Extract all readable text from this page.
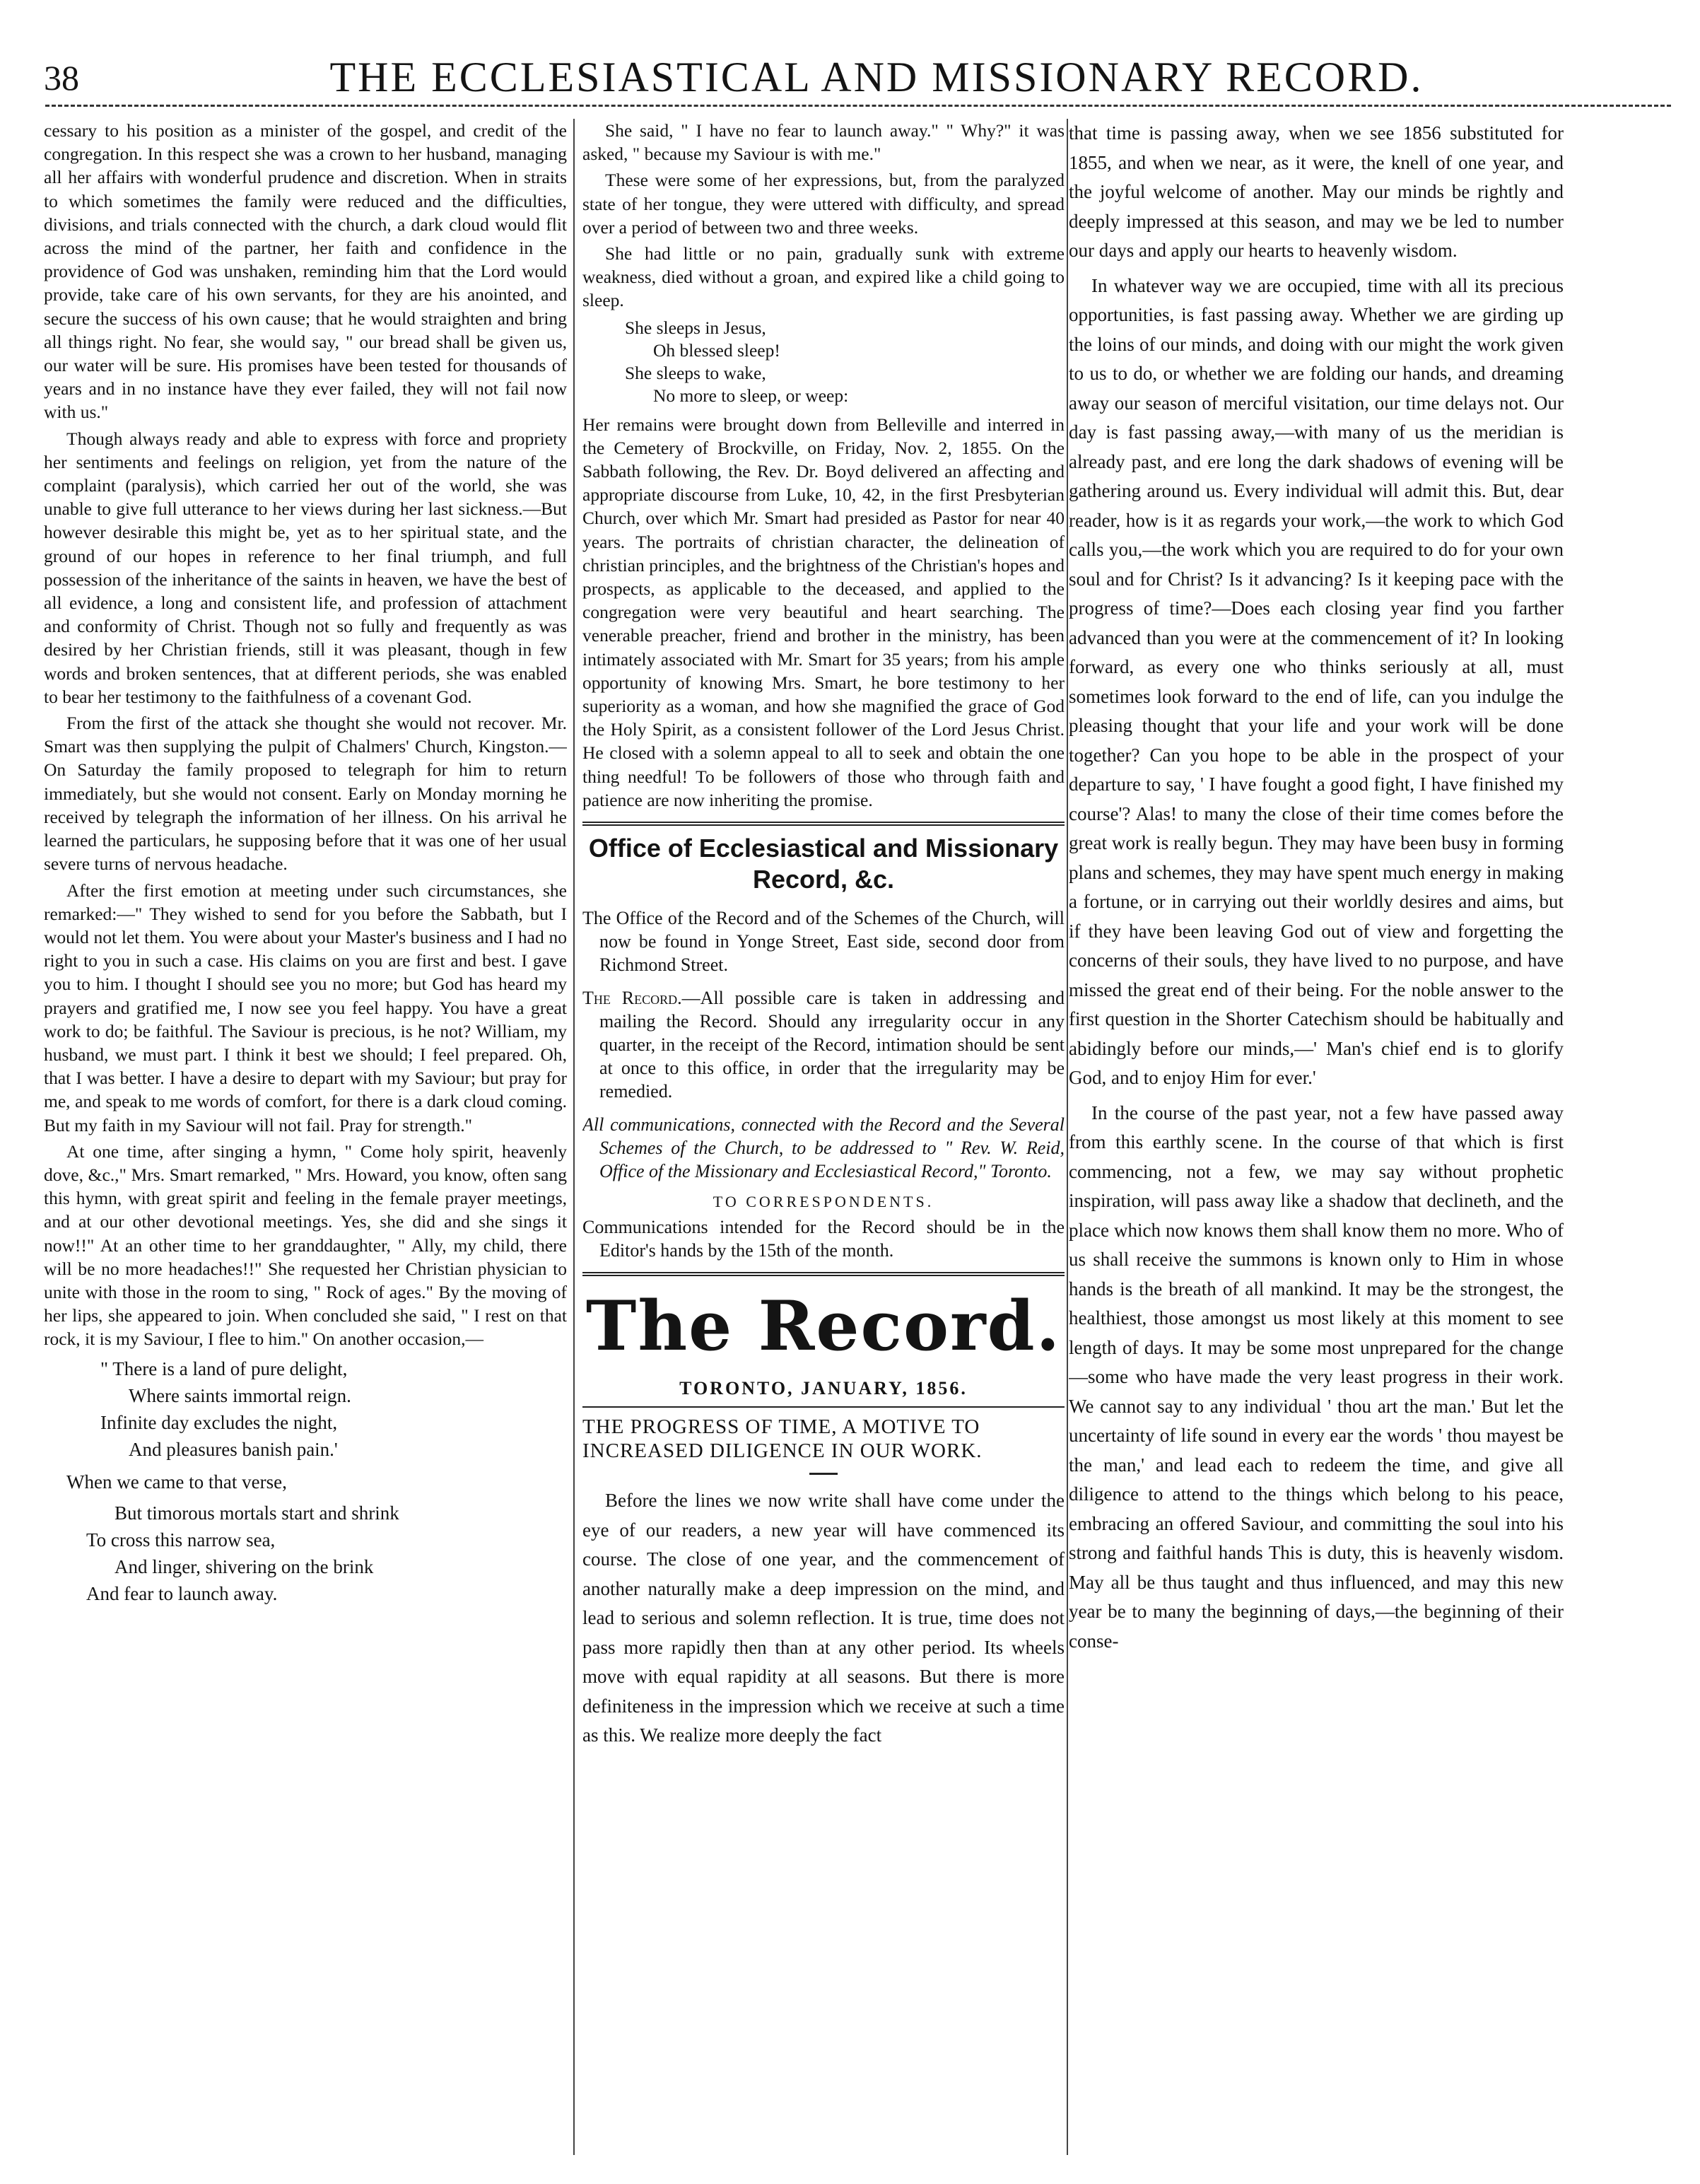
38	THE ECCLESIASTICAL AND MISSIONARY RECORD.

cessary to his position as a minister of the gospel, and credit of the congregation. In this respect she was a crown to her husband, managing all her affairs with wonderful prudence and discretion. When in straits to which sometimes the family were reduced and the difficulties, divisions, and trials connected with the church, a dark cloud would flit across the mind of the partner, her faith and confidence in the providence of God was unshaken, reminding him that the Lord would provide, take care of his own servants, for they are his anointed, and secure the success of his own cause; that he would straighten and bring all things right. No fear, she would say, " our bread shall be given us, our water will be sure. His promises have been tested for thousands of years and in no instance have they ever failed, they will not fail now with us."

Though always ready and able to express with force and propriety her sentiments and feelings on religion, yet from the nature of the complaint (paralysis), which carried her out of the world, she was unable to give full utterance to her views during her last sickness.—But however desirable this might be, yet as to her spiritual state, and the ground of our hopes in reference to her final triumph, and full possession of the inheritance of the saints in heaven, we have the best of all evidence, a long and consistent life, and profession of attachment and conformity of Christ. Though not so fully and frequently as was desired by her Christian friends, still it was pleasant, though in few words and broken sentences, that at different periods, she was enabled to bear her testimony to the faithfulness of a covenant God.

From the first of the attack she thought she would not recover. Mr. Smart was then supplying the pulpit of Chalmers' Church, Kingston.—On Saturday the family proposed to telegraph for him to return immediately, but she would not consent. Early on Monday morning he received by telegraph the information of her illness. On his arrival he learned the particulars, he supposing before that it was one of her usual severe turns of nervous headache.

After the first emotion at meeting under such circumstances, she remarked:—" They wished to send for you before the Sabbath, but I would not let them. You were about your Master's business and I had no right to you in such a case. His claims on you are first and best. I gave you to him. I thought I should see you no more; but God has heard my prayers and gratified me, I now see you feel happy. You have a great work to do; be faithful. The Saviour is precious, is he not? William, my husband, we must part. I think it best we should; I feel prepared. Oh, that I was better. I have a desire to depart with my Saviour; but pray for me, and speak to me words of comfort, for there is a dark cloud coming. But my faith in my Saviour will not fail. Pray for strength."

At one time, after singing a hymn, " Come holy spirit, heavenly dove, &c.," Mrs. Smart remarked, " Mrs. Howard, you know, often sang this hymn, with great spirit and feeling in the female prayer meetings, and at our other devotional meetings. Yes, she did and she sings it now!!" At an other time to her granddaughter, " Ally, my child, there will be no more headaches!!" She requested her Christian physician to unite with those in the room to sing, " Rock of ages." By the moving of her lips, she appeared to join. When concluded she said, " I rest on that rock, it is my Saviour, I flee to him." On another occasion,—

" There is a land of pure delight,
Where saints immortal reign.
Infinite day excludes the night,
And pleasures banish pain.'

When we came to that verse,

But timorous mortals start and shrink
To cross this narrow sea,
And linger, shivering on the brink
And fear to launch away.

She said, " I have no fear to launch away." " Why?" it was asked, " because my Saviour is with me."

These were some of her expressions, but, from the paralyzed state of her tongue, they were uttered with difficulty, and spread over a period of between two and three weeks.

She had little or no pain, gradually sunk with extreme weakness, died without a groan, and expired like a child going to sleep.

She sleeps in Jesus,
Oh blessed sleep!
She sleeps to wake,
No more to sleep, or weep:

Her remains were brought down from Belleville and interred in the Cemetery of Brockville, on Friday, Nov. 2, 1855. On the Sabbath following, the Rev. Dr. Boyd delivered an affecting and appropriate discourse from Luke, 10, 42, in the first Presbyterian Church, over which Mr. Smart had presided as Pastor for near 40 years. The portraits of christian character, the delineation of christian principles, and the brightness of the Christian's hopes and prospects, as applicable to the deceased, and applied to the congregation were very beautiful and heart searching. The venerable preacher, friend and brother in the ministry, has been intimately associated with Mr. Smart for 35 years; from his ample opportunity of knowing Mrs. Smart, he bore testimony to her superiority as a woman, and how she magnified the grace of God the Holy Spirit, as a consistent follower of the Lord Jesus Christ. He closed with a solemn appeal to all to seek and obtain the one thing needful! To be followers of those who through faith and patience are now inheriting the promise.

Office of Ecclesiastical and Missionary Record, &c.

The Office of the Record and of the Schemes of the Church, will now be found in Yonge Street, East side, second door from Richmond Street.

The Record.—All possible care is taken in addressing and mailing the Record. Should any irregularity occur in any quarter, in the receipt of the Record, intimation should be sent at once to this office, in order that the irregularity may be remedied.

All communications, connected with the Record and the Several Schemes of the Church, to be addressed to " Rev. W. Reid, Office of the Missionary and Ecclesiastical Record," Toronto.

TO CORRESPONDENTS.

Communications intended for the Record should be in the Editor's hands by the 15th of the month.

The Record.
TORONTO, JANUARY, 1856.
THE PROGRESS OF TIME, A MOTIVE TO INCREASED DILIGENCE IN OUR WORK.

Before the lines we now write shall have come under the eye of our readers, a new year will have commenced its course. The close of one year, and the commencement of another naturally make a deep impression on the mind, and lead to serious and solemn reflection. It is true, time does not pass more rapidly then than at any other period. Its wheels move with equal rapidity at all seasons. But there is more definiteness in the impression which we receive at such a time as this. We realize more deeply the fact

that time is passing away, when we see 1856 substituted for 1855, and when we near, as it were, the knell of one year, and the joyful welcome of another. May our minds be rightly and deeply impressed at this season, and may we be led to number our days and apply our hearts to heavenly wisdom.

In whatever way we are occupied, time with all its precious opportunities, is fast passing away. Whether we are girding up the loins of our minds, and doing with our might the work given to us to do, or whether we are folding our hands, and dreaming away our season of merciful visitation, our time delays not. Our day is fast passing away,—with many of us the meridian is already past, and ere long the dark shadows of evening will be gathering around us. Every individual will admit this. But, dear reader, how is it as regards your work,—the work to which God calls you,—the work which you are required to do for your own soul and for Christ? Is it advancing? Is it keeping pace with the progress of time?—Does each closing year find you farther advanced than you were at the commencement of it? In looking forward, as every one who thinks seriously at all, must sometimes look forward to the end of life, can you indulge the pleasing thought that your life and your work will be done together? Can you hope to be able in the prospect of your departure to say, ' I have fought a good fight, I have finished my course'? Alas! to many the close of their time comes before the great work is really begun. They may have been busy in forming plans and schemes, they may have spent much energy in making a fortune, or in carrying out their worldly desires and aims, but if they have been leaving God out of view and forgetting the concerns of their souls, they have lived to no purpose, and have missed the great end of their being. For the noble answer to the first question in the Shorter Catechism should be habitually and abidingly before our minds,—' Man's chief end is to glorify God, and to enjoy Him for ever.'

In the course of the past year, not a few have passed away from this earthly scene. In the course of that which is first commencing, not a few, we may say without prophetic inspiration, will pass away like a shadow that declineth, and the place which now knows them shall know them no more. Who of us shall receive the summons is known only to Him in whose hands is the breath of all mankind. It may be the strongest, the healthiest, those amongst us most likely at this moment to see length of days. It may be some most unprepared for the change—some who have made the very least progress in their work. We cannot say to any individual ' thou art the man.' But let the uncertainty of life sound in every ear the words ' thou mayest be the man,' and lead each to redeem the time, and give all diligence to attend to the things which belong to his peace, embracing an offered Saviour, and committing the soul into his strong and faithful hands This is duty, this is heavenly wisdom. May all be thus taught and thus influenced, and may this new year be to many the beginning of days,—the beginning of their conse-
